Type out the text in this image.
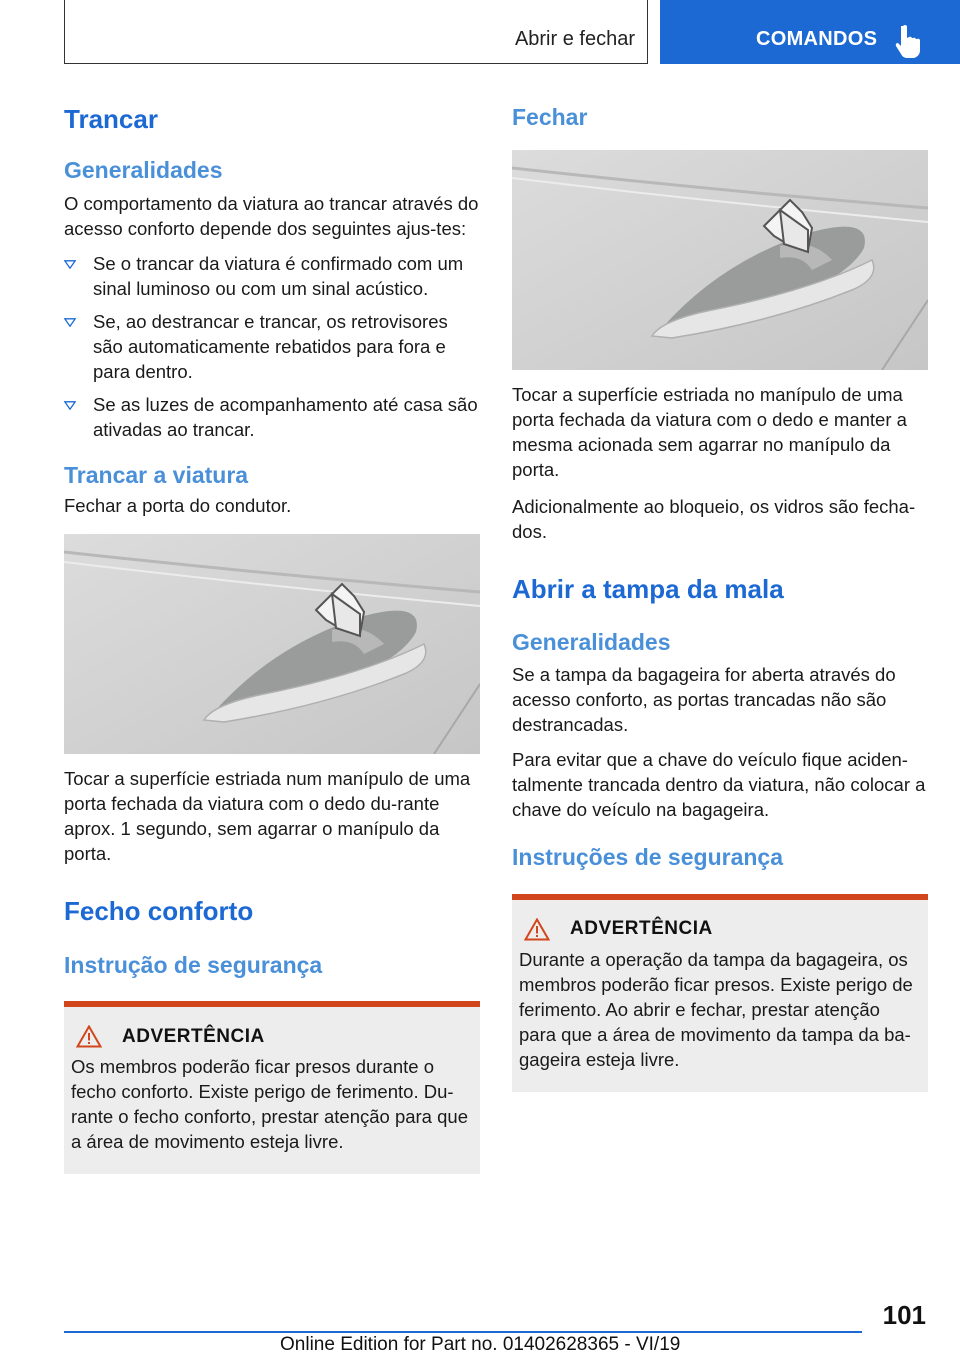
Abrir e fechar	COMANDOS
Trancar
Generalidades

O comportamento da viatura ao trancar através do acesso conforto depende dos seguintes ajus-tes:

Se o trancar da viatura é confirmado com um sinal luminoso ou com um sinal acústico.
Se, ao destrancar e trancar, os retrovisores são automaticamente rebatidos para fora e para dentro.
Se as luzes de acompanhamento até casa são ativadas ao trancar.
Trancar a viatura

Fechar a porta do condutor.

Tocar a superfície estriada num manípulo de uma porta fechada da viatura com o dedo du-rante aprox. 1 segundo, sem agarrar o manípulo da porta.

Fecho conforto
Instrução de segurança
ADVERTÊNCIA

Os membros poderão ficar presos durante o fecho conforto. Existe perigo de ferimento. Du-rante o fecho conforto, prestar atenção para que a área de movimento esteja livre.

Fechar

Tocar a superfície estriada no manípulo de uma porta fechada da viatura com o dedo e manter a mesma acionada sem agarrar no manípulo da porta.

Adicionalmente ao bloqueio, os vidros são fecha-dos.

Abrir a tampa da mala
Generalidades

Se a tampa da bagageira for aberta através do acesso conforto, as portas trancadas não são destrancadas.

Para evitar que a chave do veículo fique aciden-talmente trancada dentro da viatura, não colocar a chave do veículo na bagageira.

Instruções de segurança
ADVERTÊNCIA

Durante a operação da tampa da bagageira, os membros poderão ficar presos. Existe perigo de ferimento. Ao abrir e fechar, prestar atenção para que a área de movimento da tampa da ba-gageira esteja livre.

101
Online Edition for Part no. 01402628365 - VI/19
